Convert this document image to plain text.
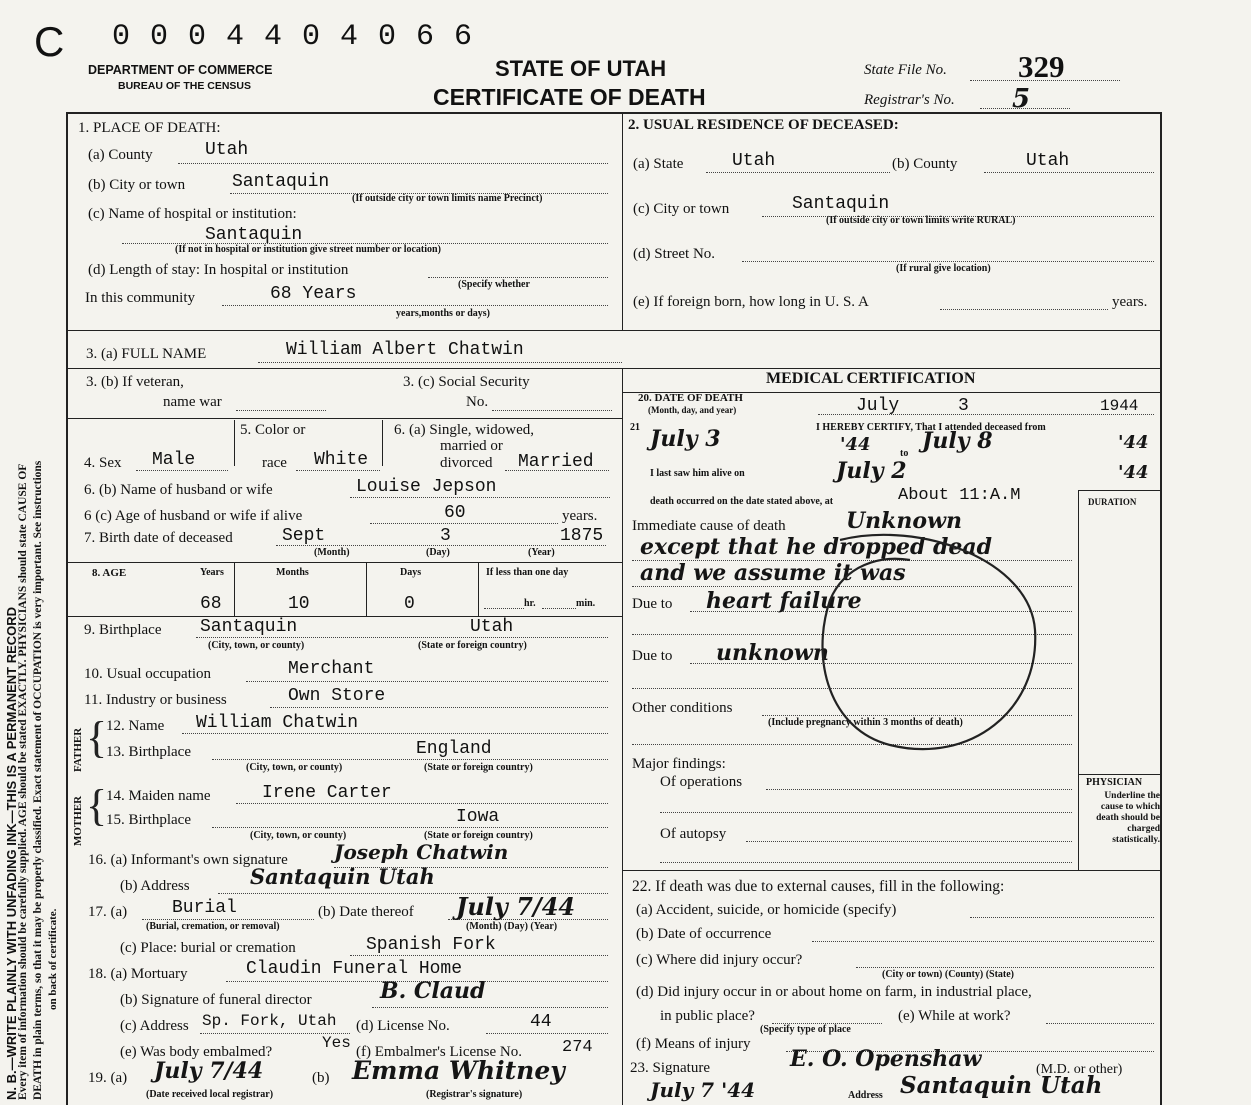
N. B.—WRITE PLAINLY WITH UNFADING INK—THIS IS A PERMANENT RECORD
Every item of information should be carefully supplied. AGE should be stated EXACTLY. PHYSICIANS should state CAUSE OF DEATH in plain terms, so that it may be properly classified. Exact statement of OCCUPATION is very important. See instructions on back of certificate.
C 0 0 0 4 4 0 4 0 6 6
DEPARTMENT OF COMMERCE
BUREAU OF THE CENSUS
STATE OF UTAH
CERTIFICATE OF DEATH
State File No. 329
Registrar's No. 5
1. PLACE OF DEATH:
(a) County	Utah
(b) City or town	Santaquin
(If outside city or town limits name Precinct)
(c) Name of hospital or institution:
Santaquin
(If not in hospital or institution give street number or location)
(d) Length of stay: In hospital or institution
(Specify whether
In this community	68 Years
years,months or days)
2. USUAL RESIDENCE OF DECEASED:
(a) State	Utah	(b) County	Utah
(c) City or town	Santaquin
(If outside city or town limits write RURAL)
(d) Street No.
(If rural give location)
(e) If foreign born, how long in U. S. A	years.
3. (a) FULL NAME	William Albert Chatwin
3. (b) If veteran,
name war
3. (c) Social Security
No.
5. Color or
4. Sex Male	race White
6. (a) Single, widowed,
married or
divorced Married
6. (b) Name of husband or wife	Louise Jepson
6 (c) Age of husband or wife if alive	60	years.
7. Birth date of deceased	Sept	3	1875
(Month)	(Day)	(Year)
8. AGE	Years	Months	Days	If less than one day
68	10	0	hr.	min.
9. Birthplace Santaquin	Utah
(City, town, or county)	(State or foreign country)
10. Usual occupation	Merchant
11. Industry or business	Own Store
FATHER {
12. Name William Chatwin
13. Birthplace	England
(City, town, or county)	(State or foreign country)
MOTHER {
14. Maiden name	Irene Carter
15. Birthplace	Iowa
(City, town, or county)	(State or foreign country)
16. (a) Informant's own signature Joseph Chatwin
(b) Address	Santaquin Utah
17. (a) Burial
(Burial, cremation, or removal)
(b) Date thereof July 7/44
(Month) (Day) (Year)
(c) Place: burial or cremation	Spanish Fork
18. (a) Mortuary	Claudin Funeral Home
(b) Signature of funeral director	B. Claud
(c) Address Sp. Fork, Utah (d) License No.	44
(e) Was body embalmed?	Yes (f) Embalmer's License No. 274
19. (a) July 7/44
(Date received local registrar)
(b) Emma Whitney
(Registrar's signature)
MEDICAL CERTIFICATION
20. DATE OF DEATH
(Month, day, and year)	July	3	1944
I HEREBY CERTIFY, That I attended deceased from
21 July 3	'44	to July 8	'44
I last saw him alive on	July 2	'44
death occurred on the date stated above, at	About 11:A.M	DURATION
Immediate cause of death	Unknown
except that he dropped dead
and we assume it was
Due to heart failure
Due to unknown
Other conditions
(Include pregnancy within 3 months of death)
Major findings:
Of operations
Of autopsy
PHYSICIAN
Underline the cause to which death should be charged statistically.
22. If death was due to external causes, fill in the following:
(a) Accident, suicide, or homicide (specify)
(b) Date of occurrence
(c) Where did injury occur?
(City or town) (County) (State)
(d) Did injury occur in or about home on farm, in industrial place,
in public place?	(e) While at work?
(Specify type of place
(f) Means of injury
23. Signature	E. O. Openshaw	(M.D. or other)
July 7 '44	Address Santaquin Utah
